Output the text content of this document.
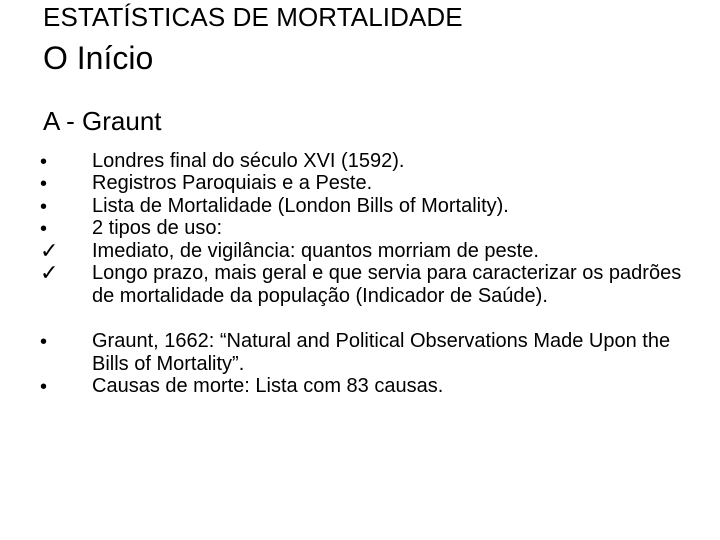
ESTATÍSTICAS DE MORTALIDADE
O Início
A - Graunt
•	Londres final do século XVI (1592).
•	Registros Paroquiais e a Peste.
•	Lista de Mortalidade (London Bills of Mortality).
•	2 tipos de uso:
✓	Imediato, de vigilância: quantos morriam de peste.
✓	Longo prazo, mais geral e que servia para caracterizar os padrões de mortalidade da população (Indicador de Saúde).
•	Graunt, 1662: “Natural and Political Observations Made Upon the Bills of Mortality”.
•	Causas de morte: Lista com 83 causas.
